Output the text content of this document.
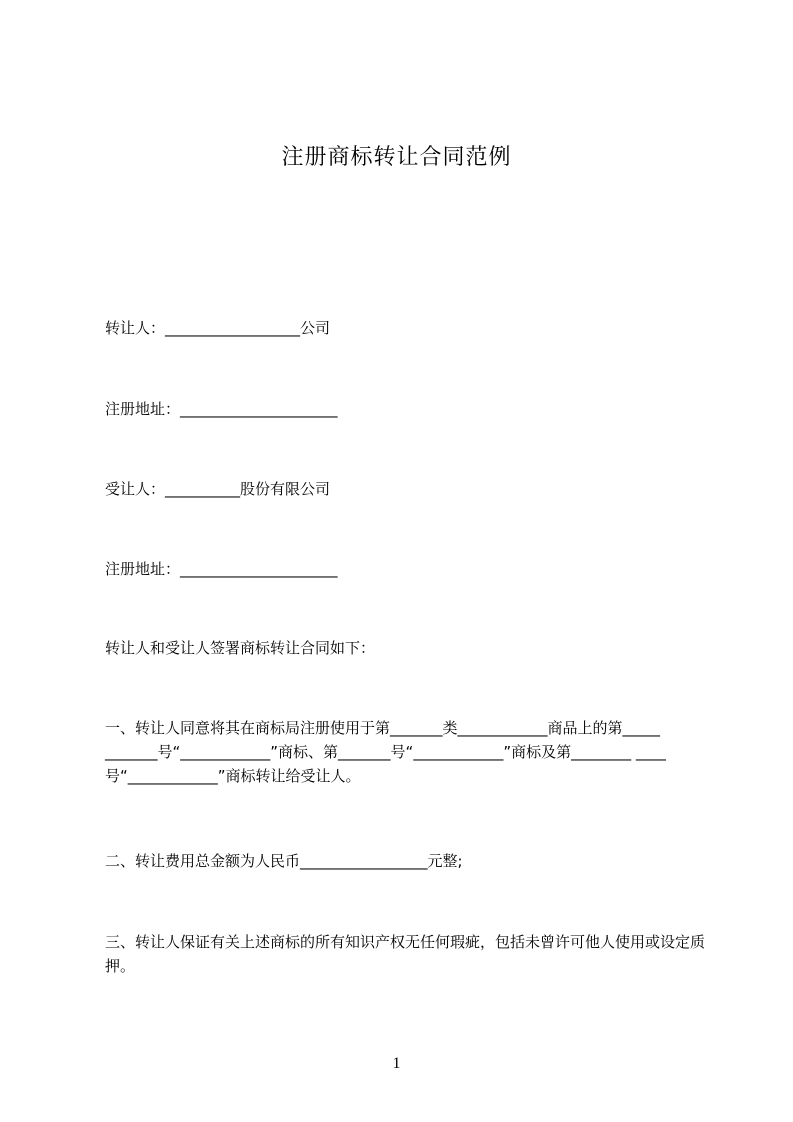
注册商标转让合同范例
转让人：__________________公司
注册地址：_____________________
受让人：__________股份有限公司
注册地址：_____________________
转让人和受让人签署商标转让合同如下：
一、转让人同意将其在商标局注册使用于第_______类____________商品上的第_____ _______号“____________”商标、第_______号“____________”商标及第________ ____号“____________”商标转让给受让人。
二、转让费用总金额为人民币_________________元整;
三、转让人保证有关上述商标的所有知识产权无任何瑕疵，包括未曾许可他人使用或设定质押。
1
